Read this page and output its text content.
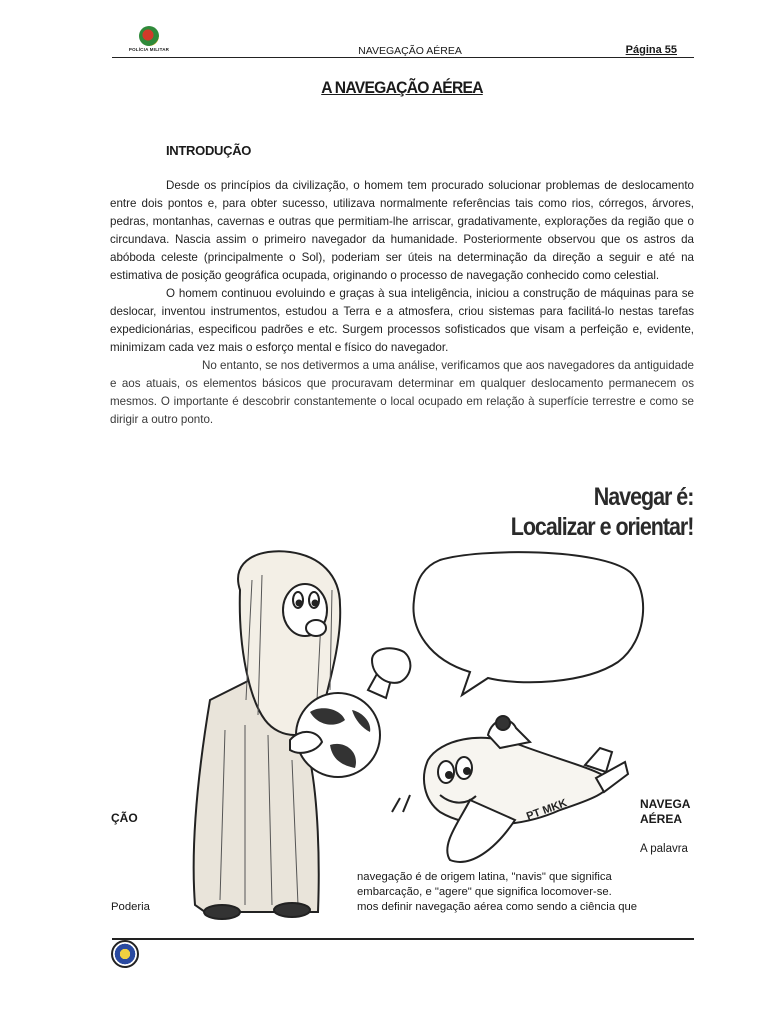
POLÍCIA MILITAR	NAVEGAÇÃO AÉREA	Página 55
A NAVEGAÇÃO AÉREA
INTRODUÇÃO

Desde os princípios da civilização, o homem tem procurado solucionar problemas de deslocamento entre dois pontos e, para obter sucesso, utilizava normalmente referências tais como rios, córregos, árvores, pedras, montanhas, cavernas e outras que permitiam-lhe arriscar, gradativamente, explorações da região que o circundava. Nascia assim o primeiro navegador da humanidade. Posteriormente observou que os astros da abóboda celeste (principalmente o Sol), poderiam ser úteis na determinação da direção a seguir e até na estimativa de posição geográfica ocupada, originando o processo de navegação conhecido como celestial.

O homem continuou evoluindo e graças à sua inteligência, iniciou a construção de máquinas para se deslocar, inventou instrumentos, estudou a Terra e a atmosfera, criou sistemas para facilitá-lo nestas tarefas expedicionárias, especificou padrões e etc. Surgem processos sofisticados que visam a perfeição e, evidente, minimizam cada vez mais o esforço mental e físico do navegador.

No entanto, se nos detivermos a uma análise, verificamos que aos navegadores da antiguidade e aos atuais, os elementos básicos que procuravam determinar em qualquer deslocamento permanecem os mesmos. O importante é descobrir constantemente o local ocupado em relação à superfície terrestre e como se dirigir a outro ponto.

Navegar é:
Localizar e orientar!
PT MKK
ÇÃO
NAVEGA
AÉREA
A palavra
navegação é de origem latina, "navis" que significa
embarcação, e "agere" que significa locomover-se.
mos definir navegação aérea como sendo a ciência que
Poderia
